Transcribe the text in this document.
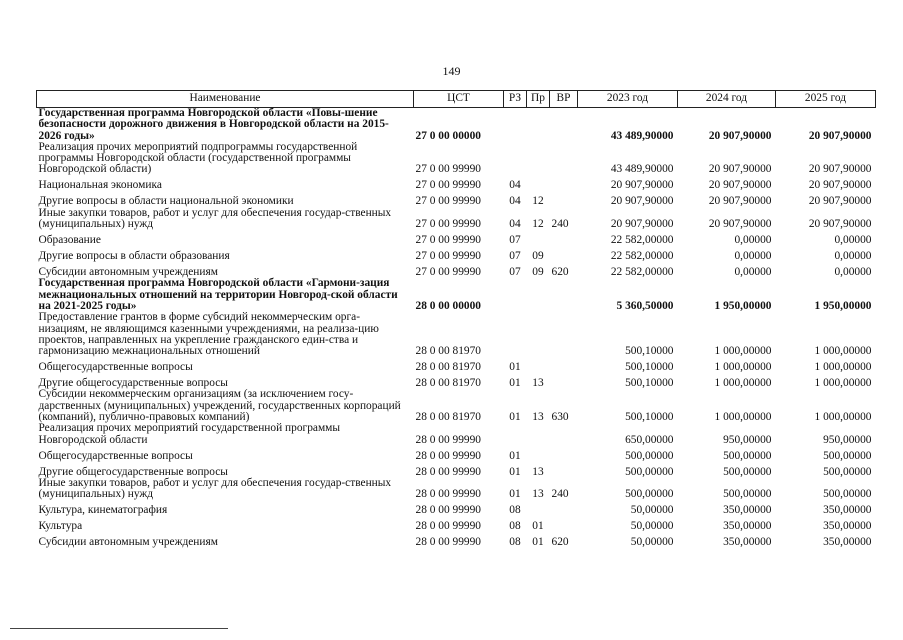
149
Наименование	ЦСТ	РЗ	Пр	ВР	2023 год	2024 год	2025 год
Государственная программа Новгородской области «Повы-шение безопасности дорожного движения в Новгородской области на 2015-2026 годы»	27 0 00 00000				43 489,90000	20 907,90000	20 907,90000
Реализация прочих мероприятий подпрограммы государственной программы Новгородской области (государственной программы Новгородской области)	27 0 00 99990				43 489,90000	20 907,90000	20 907,90000
Национальная экономика	27 0 00 99990	04			20 907,90000	20 907,90000	20 907,90000
Другие вопросы в области национальной экономики	27 0 00 99990	04	12		20 907,90000	20 907,90000	20 907,90000
Иные закупки товаров, работ и услуг для обеспечения государ-ственных (муниципальных) нужд	27 0 00 99990	04	12	240	20 907,90000	20 907,90000	20 907,90000
Образование	27 0 00 99990	07			22 582,00000	0,00000	0,00000
Другие вопросы в области образования	27 0 00 99990	07	09		22 582,00000	0,00000	0,00000
Субсидии автономным учреждениям	27 0 00 99990	07	09	620	22 582,00000	0,00000	0,00000
Государственная программа Новгородской области «Гармони-зация межнациональных отношений на территории Новгород-ской области на 2021-2025 годы»	28 0 00 00000				5 360,50000	1 950,00000	1 950,00000
Предоставление грантов в форме субсидий некоммерческим орга-низациям, не являющимся казенными учреждениями, на реализа-цию проектов, направленных на укрепление гражданского един-ства и гармонизацию межнациональных отношений	28 0 00 81970				500,10000	1 000,00000	1 000,00000
Общегосударственные вопросы	28 0 00 81970	01			500,10000	1 000,00000	1 000,00000
Другие общегосударственные вопросы	28 0 00 81970	01	13		500,10000	1 000,00000	1 000,00000
Субсидии некоммерческим организациям (за исключением госу-дарственных (муниципальных) учреждений, государственных корпораций (компаний), публично-правовых компаний)	28 0 00 81970	01	13	630	500,10000	1 000,00000	1 000,00000
Реализация прочих мероприятий государственной программы Новгородской области	28 0 00 99990				650,00000	950,00000	950,00000
Общегосударственные вопросы	28 0 00 99990	01			500,00000	500,00000	500,00000
Другие общегосударственные вопросы	28 0 00 99990	01	13		500,00000	500,00000	500,00000
Иные закупки товаров, работ и услуг для обеспечения государ-ственных (муниципальных) нужд	28 0 00 99990	01	13	240	500,00000	500,00000	500,00000
Культура, кинематография	28 0 00 99990	08			50,00000	350,00000	350,00000
Культура	28 0 00 99990	08	01		50,00000	350,00000	350,00000
Субсидии автономным учреждениям	28 0 00 99990	08	01	620	50,00000	350,00000	350,00000
